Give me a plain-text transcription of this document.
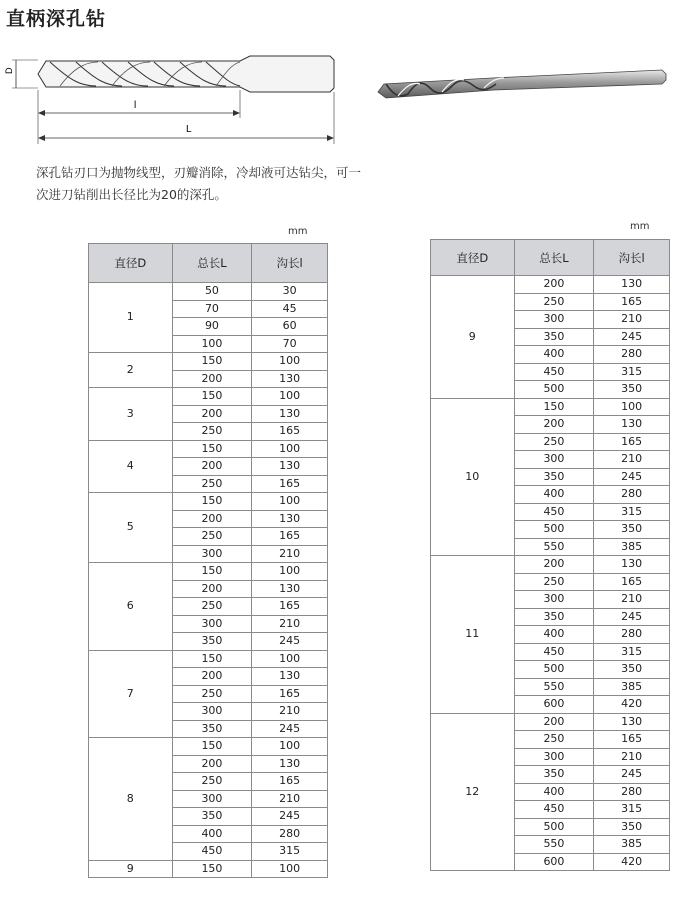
直柄深孔钻
D
l
L
深孔钻刃口为抛物线型，刃瓣消除，冷却液可达钻尖，可一次进刀钻削出长径比为20的深孔。
mm	mm
直径D	总长L	沟长l
1	50	30
	70	45
	90	60
	100	70
2	150	100
	200	130
3	150	100
	200	130
	250	165
4	150	100
	200	130
	250	165
5	150	100
	200	130
	250	165
	300	210
6	150	100
	200	130
	250	165
	300	210
	350	245
7	150	100
	200	130
	250	165
	300	210
	350	245
8	150	100
	200	130
	250	165
	300	210
	350	245
	400	280
	450	315
9	150	100
直径D	总长L	沟长l
9	200	130
	250	165
	300	210
	350	245
	400	280
	450	315
	500	350
10	150	100
	200	130
	250	165
	300	210
	350	245
	400	280
	450	315
	500	350
	550	385
11	200	130
	250	165
	300	210
	350	245
	400	280
	450	315
	500	350
	550	385
	600	420
12	200	130
	250	165
	300	210
	350	245
	400	280
	450	315
	500	350
	550	385
	600	420
